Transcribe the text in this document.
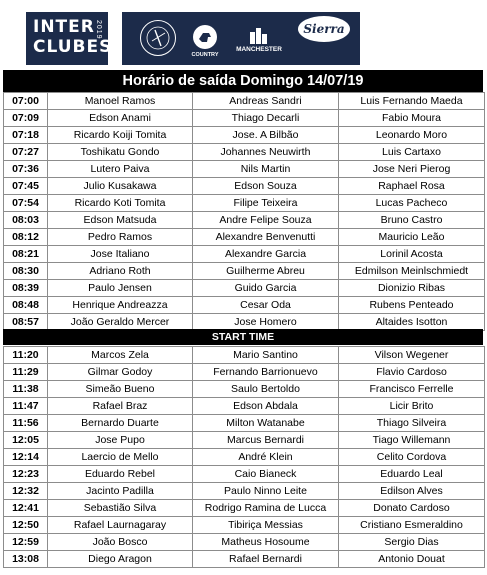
INTER
CLUBES
2019
COUNTRY
MANCHESTER
Sierra
Horário de saída Domingo 14/07/19
07:00	Manoel Ramos	Andreas Sandri	Luis Fernando Maeda
07:09	Edson Anami	Thiago Decarli	Fabio Moura
07:18	Ricardo Koiji Tomita	Jose. A Bilbão	Leonardo Moro
07:27	Toshikatu Gondo	Johannes Neuwirth	Luis Cartaxo
07:36	Lutero Paiva	Nils Martin	Jose Neri Pierog
07:45	Julio Kusakawa	Edson Souza	Raphael Rosa
07:54	Ricardo Koti Tomita	Filipe Teixeira	Lucas Pacheco
08:03	Edson Matsuda	Andre Felipe Souza	Bruno Castro
08:12	Pedro Ramos	Alexandre Benvenutti	Mauricio Leão
08:21	Jose Italiano	Alexandre Garcia	Lorinil Acosta
08:30	Adriano Roth	Guilherme Abreu	Edmilson Meinlschmiedt
08:39	Paulo Jensen	Guido Garcia	Dionizio Ribas
08:48	Henrique Andreazza	Cesar Oda	Rubens Penteado
08:57	João Geraldo Mercer	Jose Homero	Altaides Isotton
START TIME
11:20	Marcos Zela	Mario Santino	Vilson Wegener
11:29	Gilmar Godoy	Fernando Barrionuevo	Flavio Cardoso
11:38	Simeão Bueno	Saulo Bertoldo	Francisco Ferrelle
11:47	Rafael Braz	Edson Abdala	Licir Brito
11:56	Bernardo Duarte	Milton Watanabe	Thiago Silveira
12:05	Jose Pupo	Marcus Bernardi	Tiago Willemann
12:14	Laercio de Mello	André Klein	Celito Cordova
12:23	Eduardo Rebel	Caio Bianeck	Eduardo Leal
12:32	Jacinto Padilla	Paulo Ninno Leite	Edilson Alves
12:41	Sebastião Silva	Rodrigo Ramina de Lucca	Donato Cardoso
12:50	Rafael Laurnagaray	Tibiriça Messias	Cristiano Esmeraldino
12:59	João Bosco	Matheus Hosoume	Sergio Dias
13:08	Diego Aragon	Rafael Bernardi	Antonio Douat
